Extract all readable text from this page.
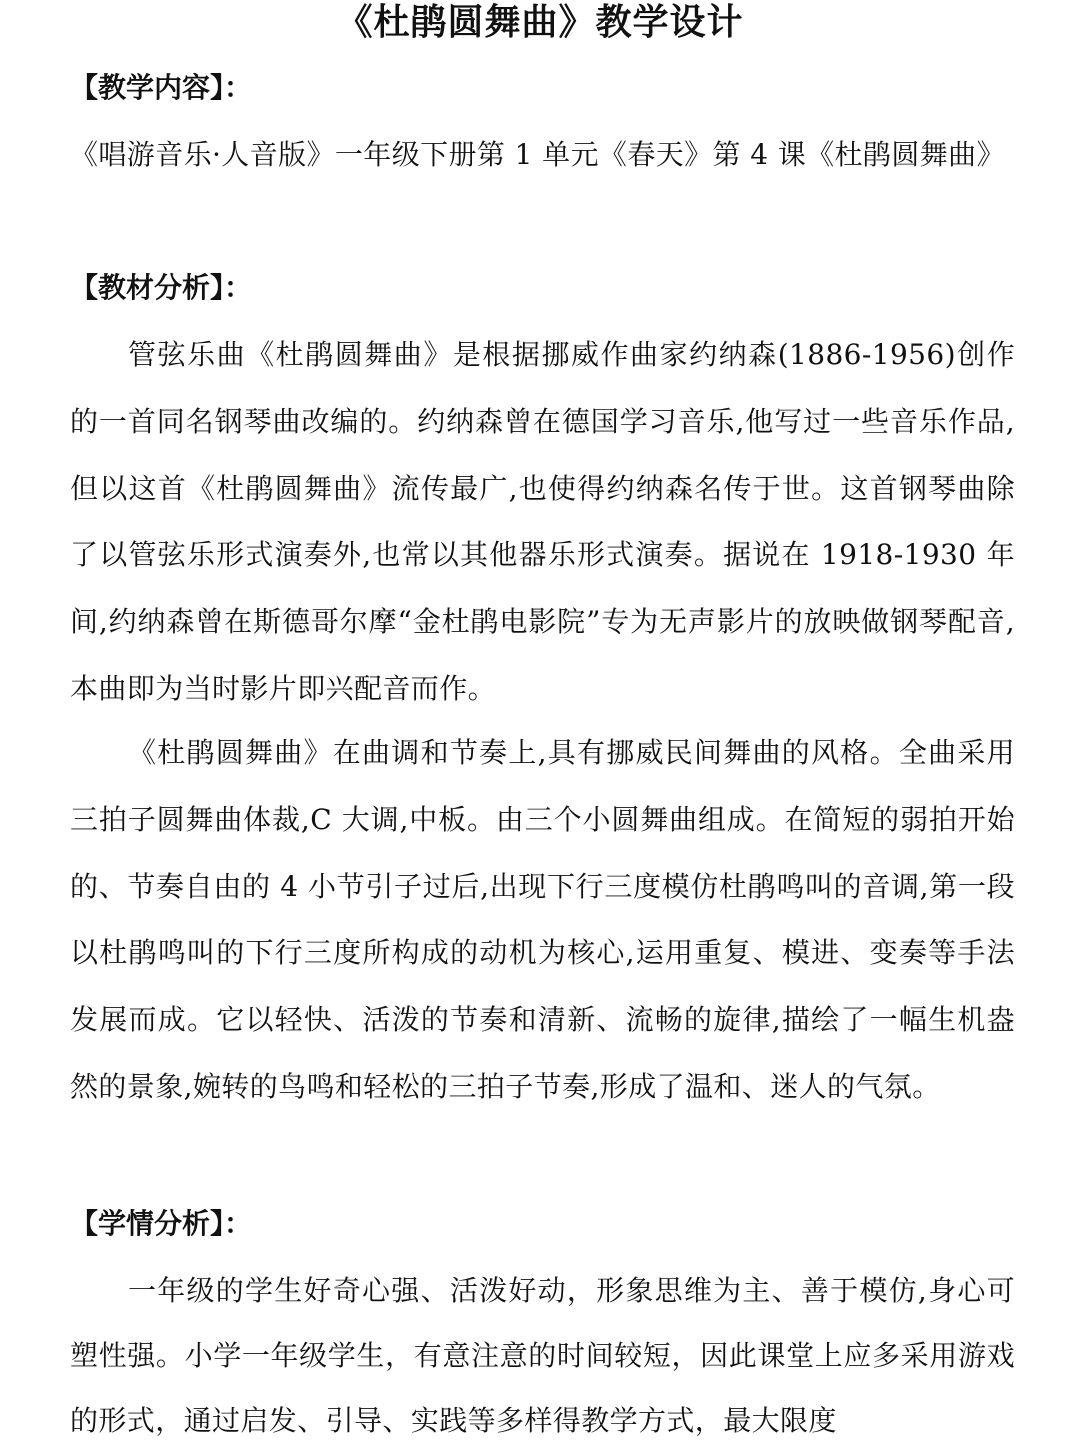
《杜鹃圆舞曲》教学设计
【教学内容】：

《唱游音乐·人音版》一年级下册第 1 单元《春天》第 4 课《杜鹃圆舞曲》

【教材分析】：

管弦乐曲《杜鹃圆舞曲》是根据挪威作曲家约纳森(1886-1956)创作的一首同名钢琴曲改编的。约纳森曾在德国学习音乐,他写过一些音乐作品,但以这首《杜鹃圆舞曲》流传最广,也使得约纳森名传于世。这首钢琴曲除了以管弦乐形式演奏外,也常以其他器乐形式演奏。据说在 1918-1930 年间,约纳森曾在斯德哥尔摩“金杜鹃电影院”专为无声影片的放映做钢琴配音,本曲即为当时影片即兴配音而作。

《杜鹃圆舞曲》在曲调和节奏上,具有挪威民间舞曲的风格。全曲采用三拍子圆舞曲体裁,C 大调,中板。由三个小圆舞曲组成。在简短的弱拍开始的、节奏自由的 4 小节引子过后,出现下行三度模仿杜鹃鸣叫的音调,第一段以杜鹃鸣叫的下行三度所构成的动机为核心,运用重复、模进、变奏等手法发展而成。它以轻快、活泼的节奏和清新、流畅的旋律,描绘了一幅生机盎然的景象,婉转的鸟鸣和轻松的三拍子节奏,形成了温和、迷人的气氛。

【学情分析】：

一年级的学生好奇心强、活泼好动，形象思维为主、善于模仿,身心可塑性强。小学一年级学生，有意注意的时间较短，因此课堂上应多采用游戏的形式，通过启发、引导、实践等多样得教学方式，最大限度
